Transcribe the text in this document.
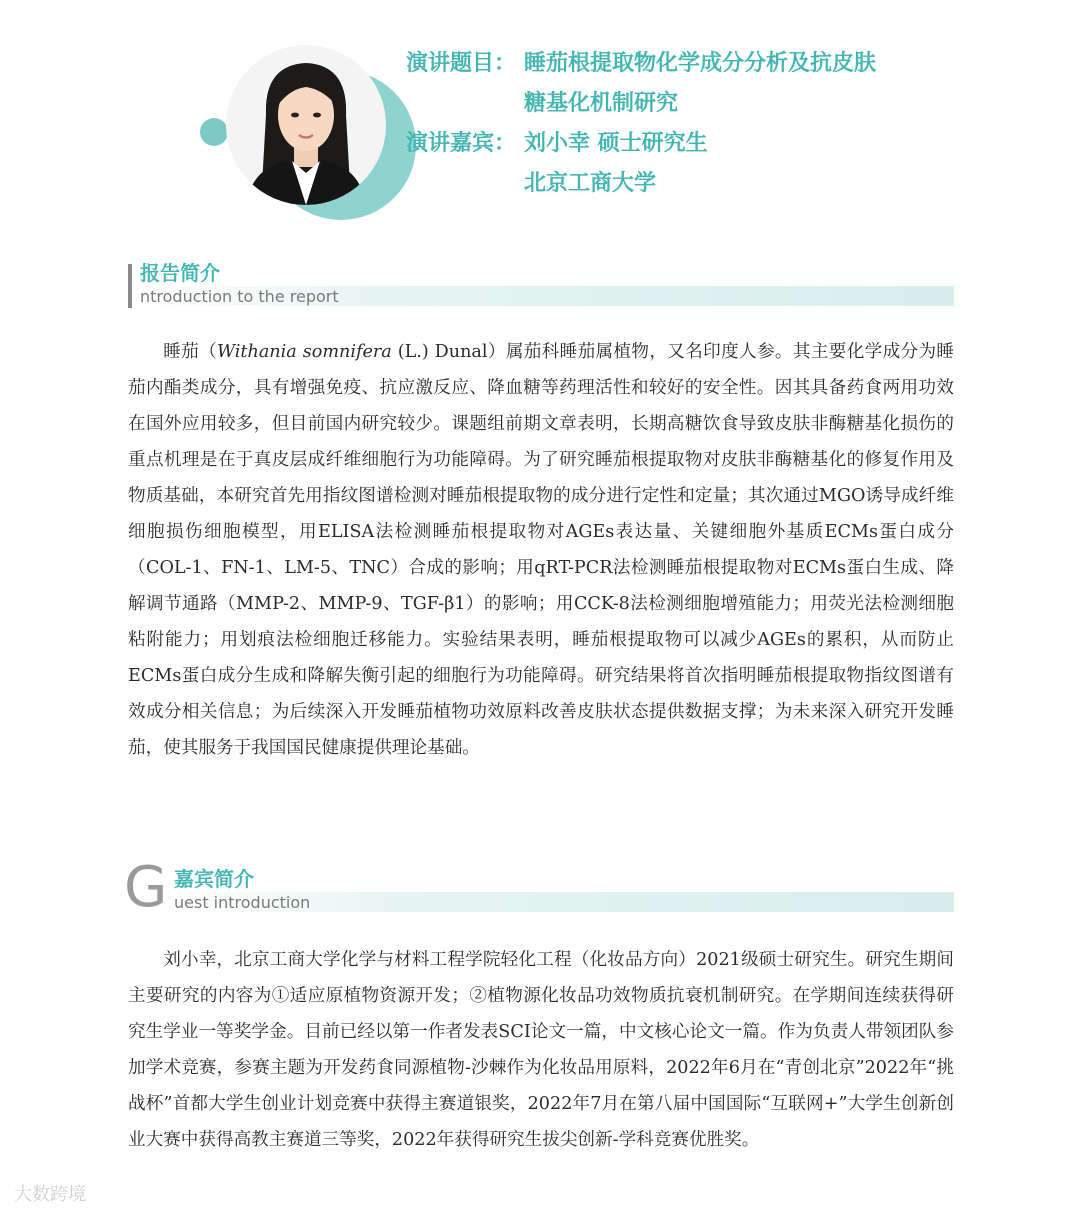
演讲题目： 睡茄根提取物化学成分分析及抗皮肤
糖基化机制研究
演讲嘉宾： 刘小幸 硕士研究生
北京工商大学
报告简介
ntroduction to the report

睡茄（Withania somnifera (L.) Dunal）属茄科睡茄属植物，又名印度人参。其主要化学成分为睡茄内酯类成分，具有增强免疫、抗应激反应、降血糖等药理活性和较好的安全性。因其具备药食两用功效在国外应用较多，但目前国内研究较少。课题组前期文章表明，长期高糖饮食导致皮肤非酶糖基化损伤的重点机理是在于真皮层成纤维细胞行为功能障碍。为了研究睡茄根提取物对皮肤非酶糖基化的修复作用及物质基础，本研究首先用指纹图谱检测对睡茄根提取物的成分进行定性和定量；其次通过MGO诱导成纤维细胞损伤细胞模型，用ELISA法检测睡茄根提取物对AGEs表达量、关键细胞外基质ECMs蛋白成分（COL-1、FN-1、LM-5、TNC）合成的影响；用qRT-PCR法检测睡茄根提取物对ECMs蛋白生成、降解调节通路（MMP-2、MMP-9、TGF-β1）的影响；用CCK-8法检测细胞增殖能力；用荧光法检测细胞粘附能力；用划痕法检细胞迁移能力。实验结果表明，睡茄根提取物可以减少AGEs的累积，从而防止ECMs蛋白成分生成和降解失衡引起的细胞行为功能障碍。研究结果将首次指明睡茄根提取物指纹图谱有效成分相关信息；为后续深入开发睡茄植物功效原料改善皮肤状态提供数据支撑；为未来深入研究开发睡茄，使其服务于我国国民健康提供理论基础。

G 嘉宾简介
uest introduction

刘小幸，北京工商大学化学与材料工程学院轻化工程（化妆品方向）2021级硕士研究生。研究生期间主要研究的内容为①适应原植物资源开发；②植物源化妆品功效物质抗衰机制研究。在学期间连续获得研究生学业一等奖学金。目前已经以第一作者发表SCI论文一篇，中文核心论文一篇。作为负责人带领团队参加学术竞赛，参赛主题为开发药食同源植物-沙棘作为化妆品用原料，2022年6月在“青创北京”2022年“挑战杯”首都大学生创业计划竞赛中获得主赛道银奖，2022年7月在第八届中国国际“互联网+”大学生创新创业大赛中获得高教主赛道三等奖，2022年获得研究生拔尖创新-学科竞赛优胜奖。

大数跨境
